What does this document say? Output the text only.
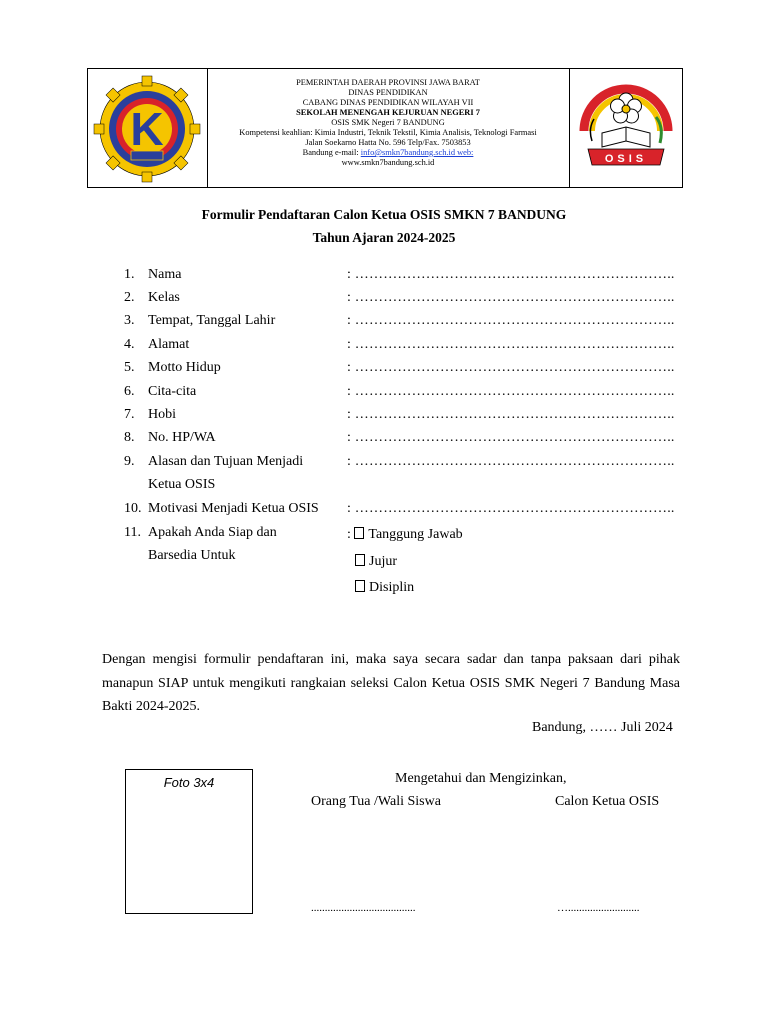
K
PEMERINTAH DAERAH PROVINSI JAWA BARAT
DINAS PENDIDIKAN
CABANG DINAS PENDIDIKAN WILAYAH VII
SEKOLAH MENENGAH KEJURUAN NEGERI 7
OSIS SMK Negeri 7 BANDUNG
Kompetensi keahlian: Kimia Industri, Teknik Tekstil, Kimia Analisis, Teknologi Farmasi
Jalan Soekarno Hatta No. 596 Telp/Fax. 7503853
Bandung e-mail: info@smkn7bandung.sch.id web:
www.smkn7bandung.sch.id	OSIS
Formulir Pendaftaran Calon Ketua OSIS SMKN 7 BANDUNG
Tahun Ajaran 2024-2025
1. Nama	: …………………………………………………………..
2. Kelas	: …………………………………………………………..
3. Tempat, Tanggal Lahir	: …………………………………………………………..
4. Alamat	: …………………………………………………………..
5. Motto Hidup	: …………………………………………………………..
6. Cita-cita	: …………………………………………………………..
7. Hobi	: …………………………………………………………..
8. No. HP/WA	: …………………………………………………………..
9. Alasan dan Tujuan Menjadi	: …………………………………………………………..
Ketua OSIS
10. Motivasi Menjadi Ketua OSIS : …………………………………………………………..
11. Apakah Anda Siap dan
Barsedia Untuk
: Tanggung Jawab
Jujur
Disiplin
Dengan mengisi formulir pendaftaran ini, maka saya secara sadar dan tanpa paksaan dari pihak manapun SIAP untuk mengikuti rangkaian seleksi Calon Ketua OSIS SMK Negeri 7 Bandung Masa Bakti 2024-2025.
Bandung, …… Juli 2024
Foto 3x4	Mengetahui dan Mengizinkan,
Orang Tua /Wali Siswa	Calon Ketua OSIS
......................................	…..........................
